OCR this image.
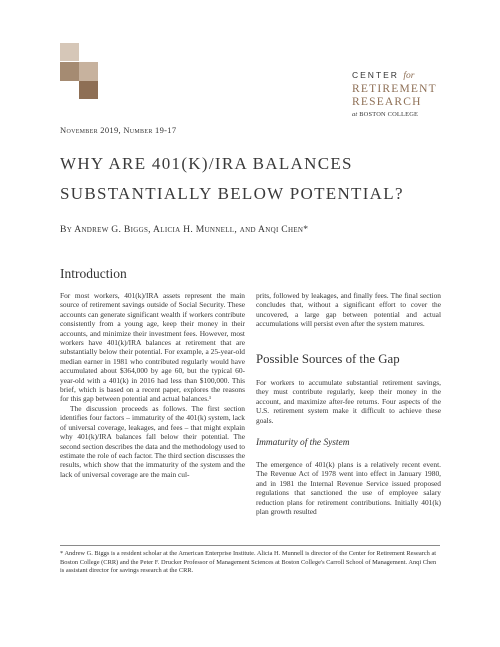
CENTER for
RETIREMENT
RESEARCH
at BOSTON COLLEGE
November 2019, Number 19-17
WHY ARE 401(K)/IRA BALANCES
SUBSTANTIALLY BELOW POTENTIAL?
By Andrew G. Biggs, Alicia H. Munnell, and Anqi Chen*
Introduction

For most workers, 401(k)/IRA assets represent the main source of retirement savings outside of Social Security. These accounts can generate significant wealth if workers contribute consistently from a young age, keep their money in their accounts, and minimize their investment fees. However, most workers have 401(k)/IRA balances at retirement that are substantially below their potential. For example, a 25-year-old median earner in 1981 who contributed regularly would have accumulated about $364,000 by age 60, but the typical 60-year-old with a 401(k) in 2016 had less than $100,000. This brief, which is based on a recent paper, explores the reasons for this gap between potential and actual balances.¹

The discussion proceeds as follows. The first section identifies four factors – immaturity of the 401(k) system, lack of universal coverage, leakages, and fees – that might explain why 401(k)/IRA balances fall below their potential. The second section describes the data and the methodology used to estimate the role of each factor. The third section discusses the results, which show that the immaturity of the system and the lack of universal coverage are the main cul-

prits, followed by leakages, and finally fees. The final section concludes that, without a significant effort to cover the uncovered, a large gap between potential and actual accumulations will persist even after the system matures.

Possible Sources of the Gap

For workers to accumulate substantial retirement savings, they must contribute regularly, keep their money in the account, and maximize after-fee returns. Four aspects of the U.S. retirement system make it difficult to achieve these goals.

Immaturity of the System

The emergence of 401(k) plans is a relatively recent event. The Revenue Act of 1978 went into effect in January 1980, and in 1981 the Internal Revenue Service issued proposed regulations that sanctioned the use of employee salary reduction plans for retirement contributions. Initially 401(k) plan growth resulted

* Andrew G. Biggs is a resident scholar at the American Enterprise Institute. Alicia H. Munnell is director of the Center for Retirement Research at Boston College (CRR) and the Peter F. Drucker Professor of Management Sciences at Boston College's Carroll School of Management. Anqi Chen is assistant director for savings research at the CRR.
